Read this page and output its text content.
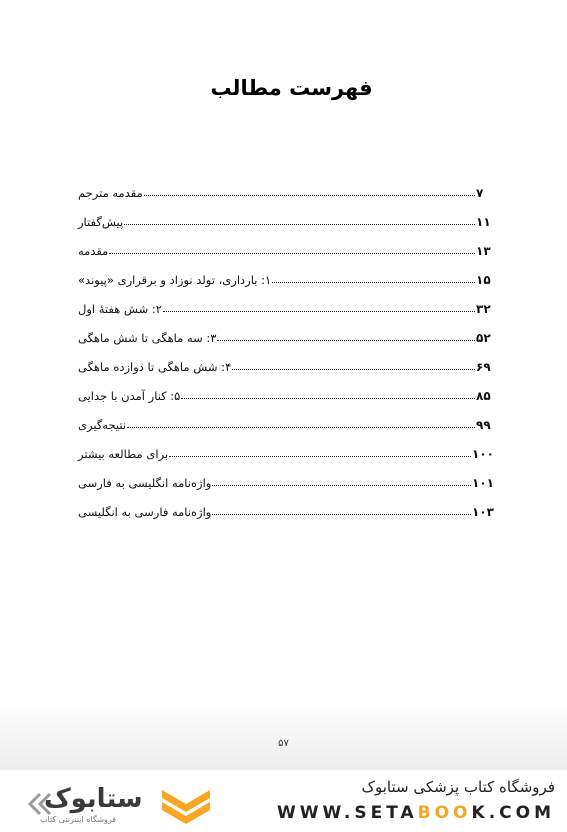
فهرست مطالب
مقدمه مترجم	۷
پیش‌گفتار	۱۱
مقدمه	۱۳
۱: بارداری، تولد نوزاد و برقراری «پیوند»	۱۵
۲: شش هفتهٔ اول	۳۲
۳: سه ماهگی تا شش ماهگی	۵۲
۴: شش ماهگی تا دوازده ماهگی	۶۹
۵: کنار آمدن با جدایی	۸۵
نتیجه‌گیری	۹۹
برای مطالعه بیشتر	۱۰۰
واژه‌نامه انگلیسی به فارسی	۱۰۱
واژه‌نامه فارسی به انگلیسی	۱۰۳
۵۷
ستابوک
فروشگاه اینترنتی کتاب
فروشگاه کتاب پزشکی ستابوک
WWW.SETABOOK.COM
